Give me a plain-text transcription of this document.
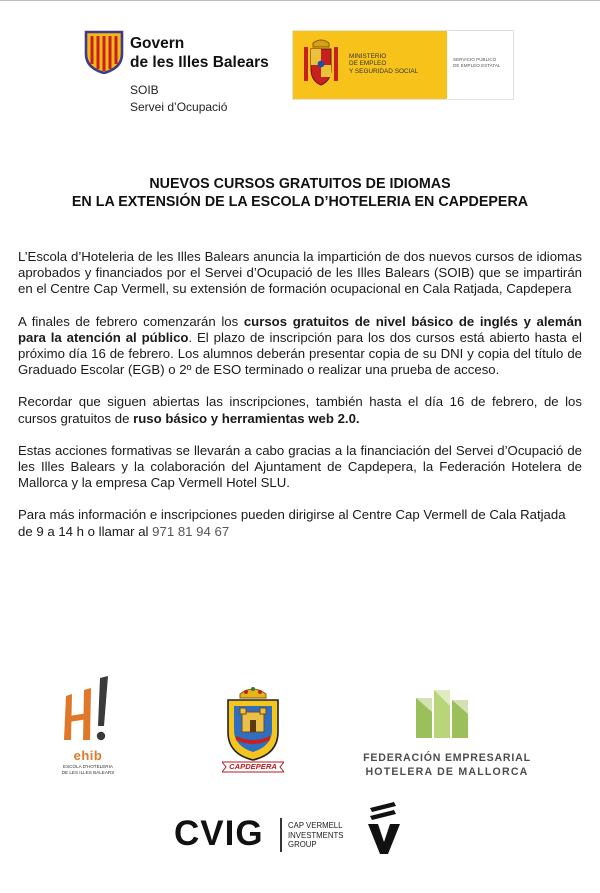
Govern
de les Illes Balears
SOIB
Servei d’Ocupació
MINISTERIO
DE EMPLEO
Y SEGURIDAD SOCIAL
SERVICIO PÚBLICO
DE EMPLEO ESTATAL
NUEVOS CURSOS GRATUITOS DE IDIOMAS
EN LA EXTENSIÓN DE LA ESCOLA D’HOTELERIA EN CAPDEPERA

L’Escola d’Hoteleria de les Illes Balears anuncia la impartición de dos nuevos cursos de idiomas aprobados y financiados por el Servei d’Ocupació de les Illes Balears (SOIB) que se impartirán en el Centre Cap Vermell, su extensión de formación ocupacional en Cala Ratjada, Capdepera

A finales de febrero comenzarán los cursos gratuitos de nivel básico de inglés y alemán para la atención al público. El plazo de inscripción para los dos cursos está abierto hasta el próximo día 16 de febrero. Los alumnos deberán presentar copia de su DNI y copia del título de Graduado Escolar (EGB) o 2º de ESO terminado o realizar una prueba de acceso.

Recordar que siguen abiertas las inscripciones, también hasta el día 16 de febrero, de los cursos gratuitos de ruso básico y herramientas web 2.0.

Estas acciones formativas se llevarán a cabo gracias a la financiación del Servei d’Ocupació de les Illes Balears y la colaboración del Ajuntament de Capdepera, la Federación Hotelera de Mallorca y la empresa Cap Vermell Hotel SLU.

Para más información e inscripciones pueden dirigirse al Centre Cap Vermell de Cala Ratjada de 9 a 14 h o llamar al 971 81 94 67

ehib
ESCOLA D'HOTELERIA
DE LES ILLES BALEARS
CAPDEPERA
FEDERACIÓN EMPRESARIAL
HOTELERA DE MALLORCA
CVIG	CAP VERMELL
INVESTMENTS
GROUP
